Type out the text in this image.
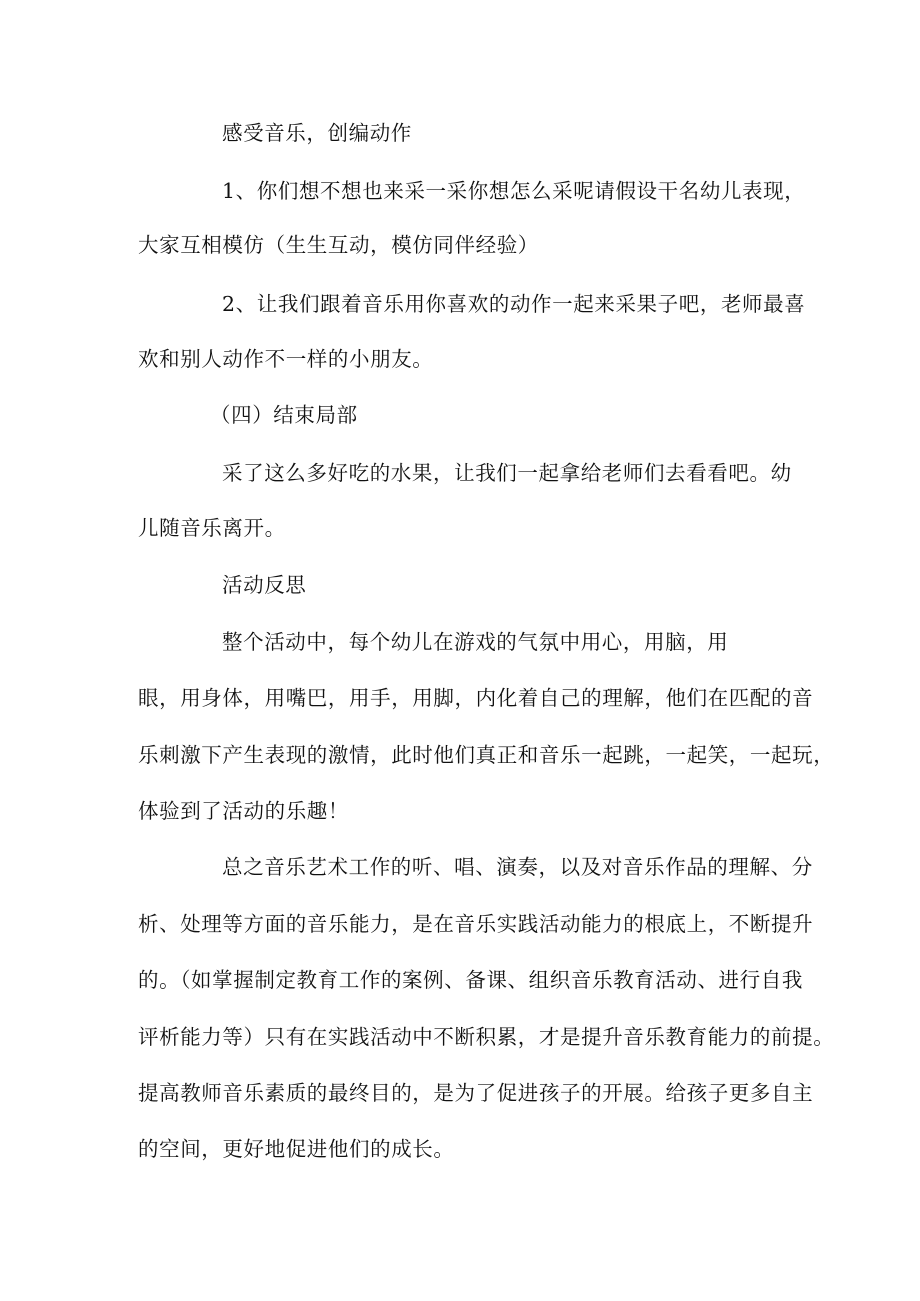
感受音乐，创编动作
1、你们想不想也来采一采你想怎么采呢请假设干名幼儿表现，
大家互相模仿（生生互动，模仿同伴经验）
2、让我们跟着音乐用你喜欢的动作一起来采果子吧，老师最喜
欢和别人动作不一样的小朋友。
（四）结束局部
采了这么多好吃的水果，让我们一起拿给老师们去看看吧。幼
儿随音乐离开。
活动反思
整个活动中，每个幼儿在游戏的气氛中用心，用脑，用
眼，用身体，用嘴巴，用手，用脚，内化着自己的理解，他们在匹配的音
乐刺激下产生表现的激情，此时他们真正和音乐一起跳，一起笑，一起玩，
体验到了活动的乐趣！
总之音乐艺术工作的听、唱、演奏，以及对音乐作品的理解、分
析、处理等方面的音乐能力，是在音乐实践活动能力的根底上，不断提升
的。（如掌握制定教育工作的案例、备课、组织音乐教育活动、进行自我
评析能力等）只有在实践活动中不断积累，才是提升音乐教育能力的前提。
提高教师音乐素质的最终目的，是为了促进孩子的开展。给孩子更多自主
的空间，更好地促进他们的成长。
